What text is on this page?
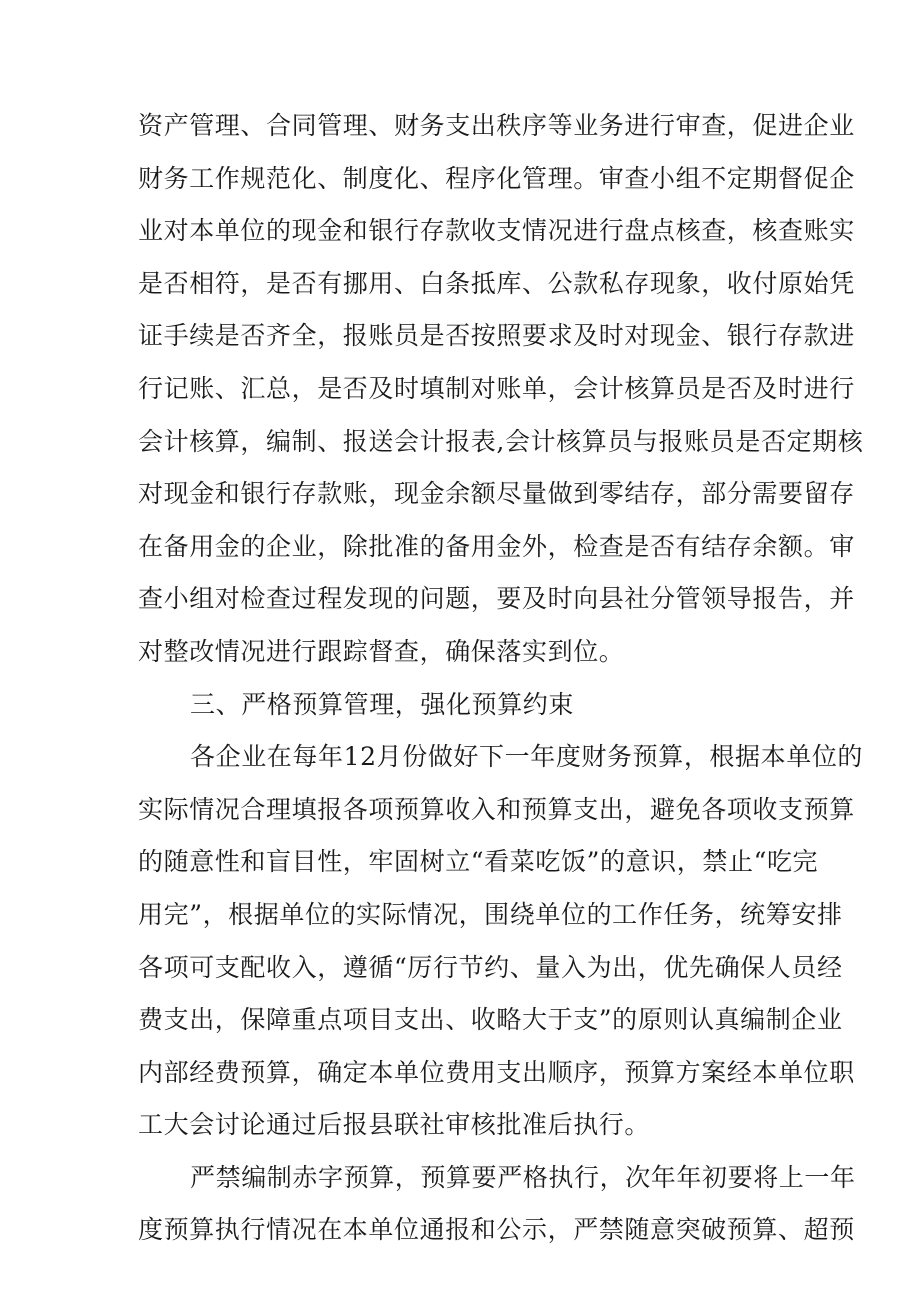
资产管理、合同管理、财务支出秩序等业务进行审查，促进企业
财务工作规范化、制度化、程序化管理。审查小组不定期督促企
业对本单位的现金和银行存款收支情况进行盘点核查，核查账实
是否相符，是否有挪用、白条抵库、公款私存现象，收付原始凭
证手续是否齐全，报账员是否按照要求及时对现金、银行存款进
行记账、汇总，是否及时填制对账单，会计核算员是否及时进行
会计核算，编制、报送会计报表,会计核算员与报账员是否定期核
对现金和银行存款账，现金余额尽量做到零结存，部分需要留存
在备用金的企业，除批准的备用金外，检查是否有结存余额。审
查小组对检查过程发现的问题，要及时向县社分管领导报告，并
对整改情况进行跟踪督查，确保落实到位。
三、严格预算管理，强化预算约束
各企业在每年12月份做好下一年度财务预算，根据本单位的
实际情况合理填报各项预算收入和预算支出，避免各项收支预算
的随意性和盲目性，牢固树立“看菜吃饭”的意识，禁止“吃完
用完”，根据单位的实际情况，围绕单位的工作任务，统筹安排
各项可支配收入，遵循“厉行节约、量入为出，优先确保人员经
费支出，保障重点项目支出、收略大于支”的原则认真编制企业
内部经费预算，确定本单位费用支出顺序，预算方案经本单位职
工大会讨论通过后报县联社审核批准后执行。
严禁编制赤字预算，预算要严格执行，次年年初要将上一年
度预算执行情况在本单位通报和公示，严禁随意突破预算、超预
